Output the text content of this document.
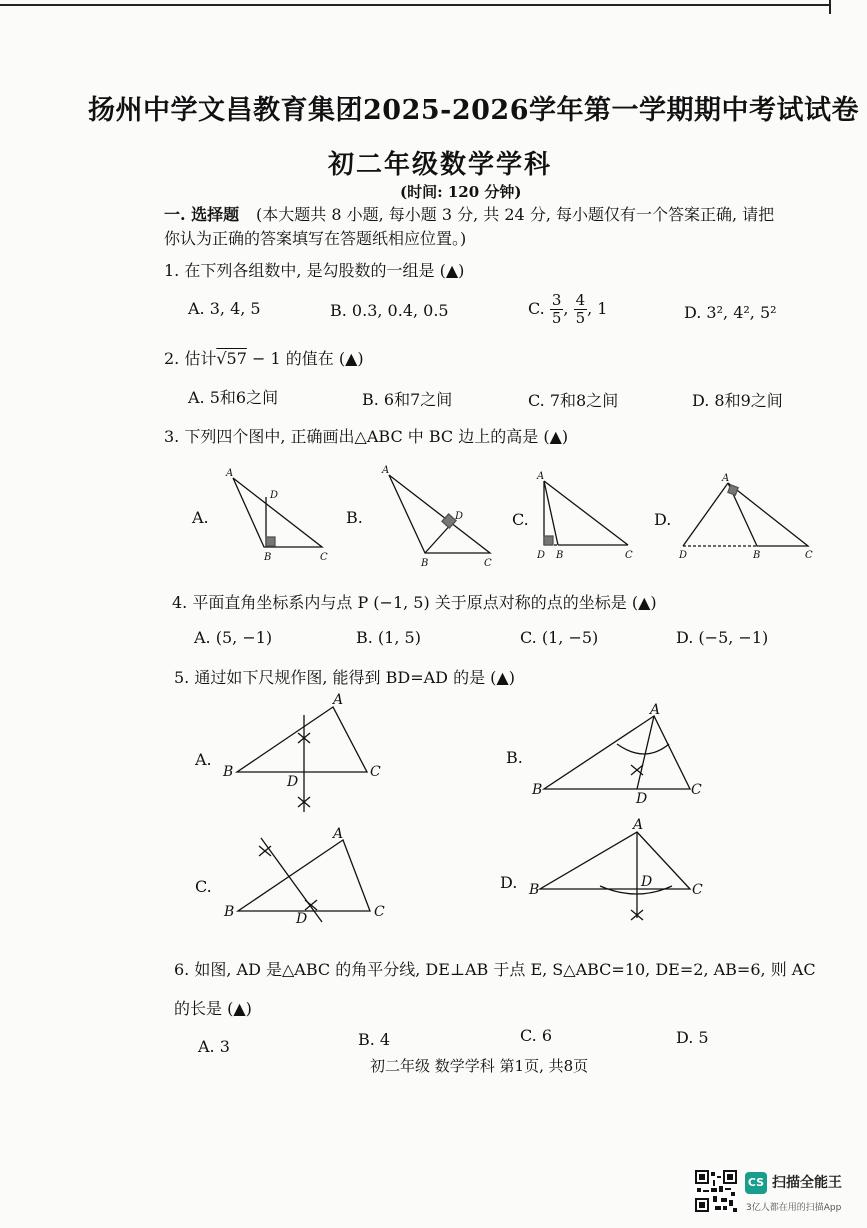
扬州中学文昌教育集团2025-2026学年第一学期期中考试试卷
初二年级数学学科
(时间: 120 分钟)
一. 选择题 (本大题共 8 小题, 每小题 3 分, 共 24 分, 每小题仅有一个答案正确, 请把
你认为正确的答案填写在答题纸相应位置。)
1. 在下列各组数中, 是勾股数的一组是 (▲)
A. 3, 4, 5	B. 0.3, 0.4, 0.5	C. $\frac{3}{5}$ , $\frac{4}{5}$ , 1	D. 3², 4², 5²
2. 估计√57 − 1 的值在 (▲)
A. 5和6之间	B. 6和7之间	C. 7和8之间	D. 8和9之间
3. 下列四个图中, 正确画出△ABC 中 BC 边上的高是 (▲)
A.	B.	C.	D.
A
D
B	C
A
D
B	C
A
D B	C
A
D	B	C
A
B	C
D
A
B	C
D
A
B	C
D
A
B	C
D
4. 平面直角坐标系内与点 P (−1, 5) 关于原点对称的点的坐标是 (▲)
A. (5, −1)	B. (1, 5)	C. (1, −5)	D. (−5, −1)
5. 通过如下尺规作图, 能得到 BD=AD 的是 (▲)
A.	B.
C.	D.
6. 如图, AD 是△ABC 的角平分线, DE⊥AB 于点 E, S△ABC=10, DE=2, AB=6, 则 AC
的长是 (▲)
A. 3	B. 4	C. 6	D. 5
初二年级 数学学科 第1页, 共8页
CS 扫描全能王
3亿人都在用的扫描App
